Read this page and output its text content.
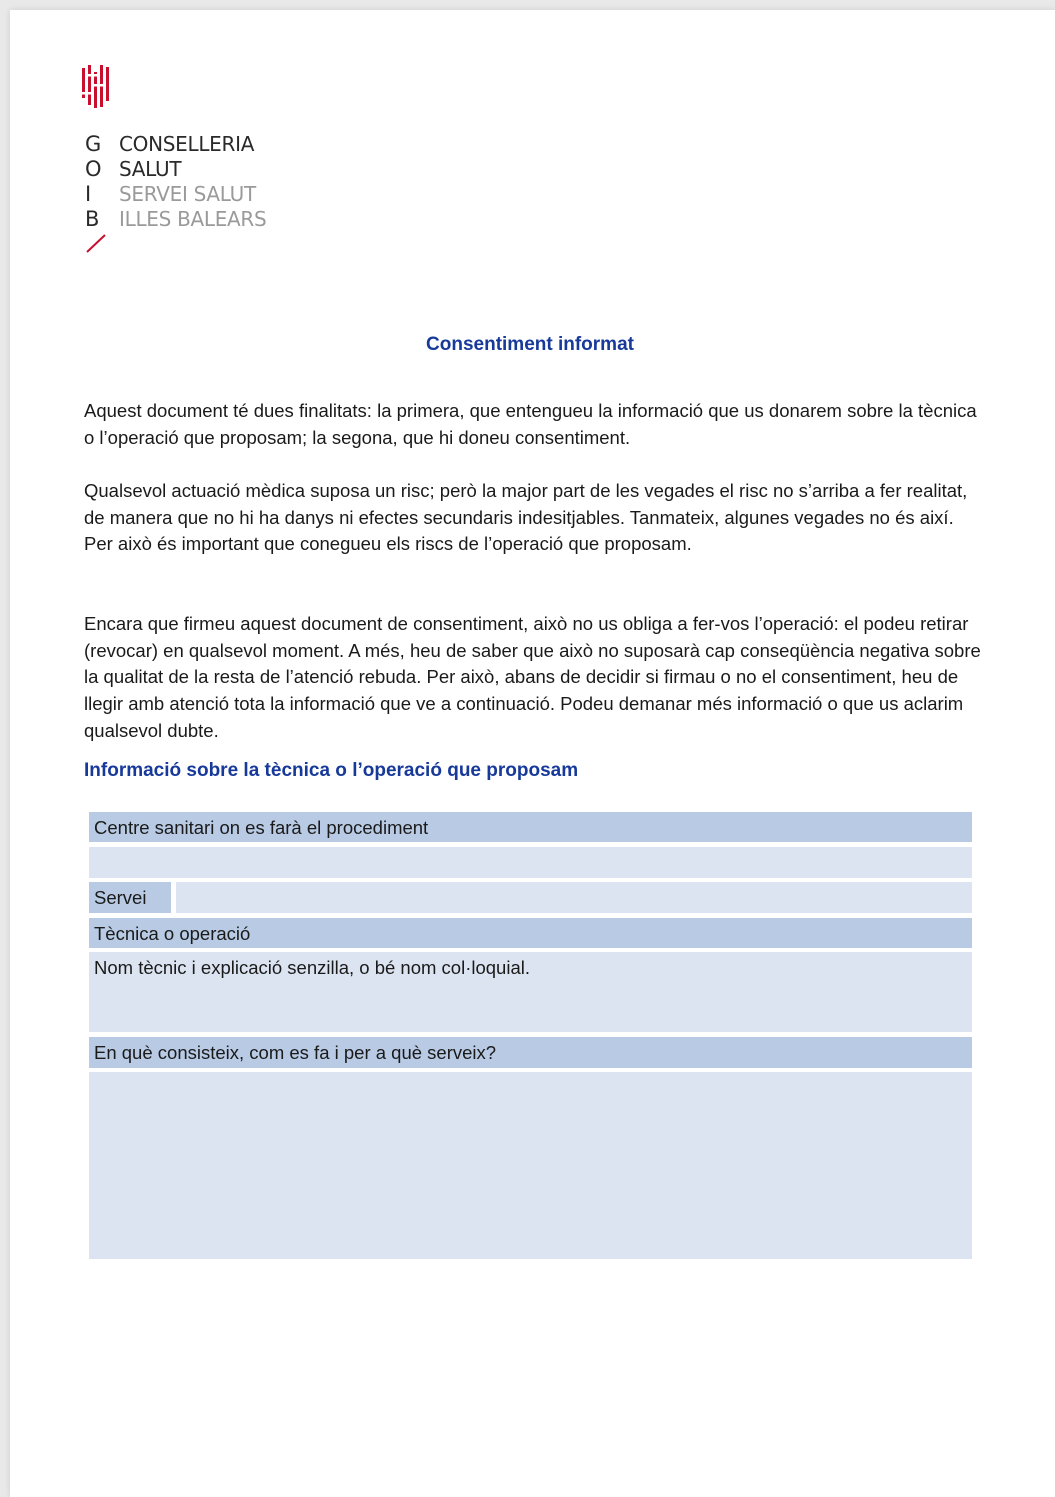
G CONSELLERIA
O SALUT
I	SERVEI SALUT
B ILLES BALEARS
Consentiment informat

Aquest document té dues finalitats: la primera, que entengueu la informació que us donarem sobre la tècnica o l’operació que proposam; la segona, que hi doneu consentiment.

Qualsevol actuació mèdica suposa un risc; però la major part de les vegades el risc no s’arriba a fer realitat, de manera que no hi ha danys ni efectes secundaris indesitjables. Tanmateix, algunes vegades no és així. Per això és important que conegueu els riscs de l’operació que proposam.

Encara que firmeu aquest document de consentiment, això no us obliga a fer-vos l’operació: el podeu retirar (revocar) en qualsevol moment. A més, heu de saber que això no suposarà cap conseqüència negativa sobre la qualitat de la resta de l’atenció rebuda. Per això, abans de decidir si firmau o no el consentiment, heu de llegir amb atenció tota la informació que ve a continuació. Podeu demanar més informació o que us aclarim qualsevol dubte.

Informació sobre la tècnica o l’operació que proposam
Centre sanitari on es farà el procediment
Servei
Tècnica o operació
Nom tècnic i explicació senzilla, o bé nom col·loquial.
En què consisteix, com es fa i per a què serveix?
